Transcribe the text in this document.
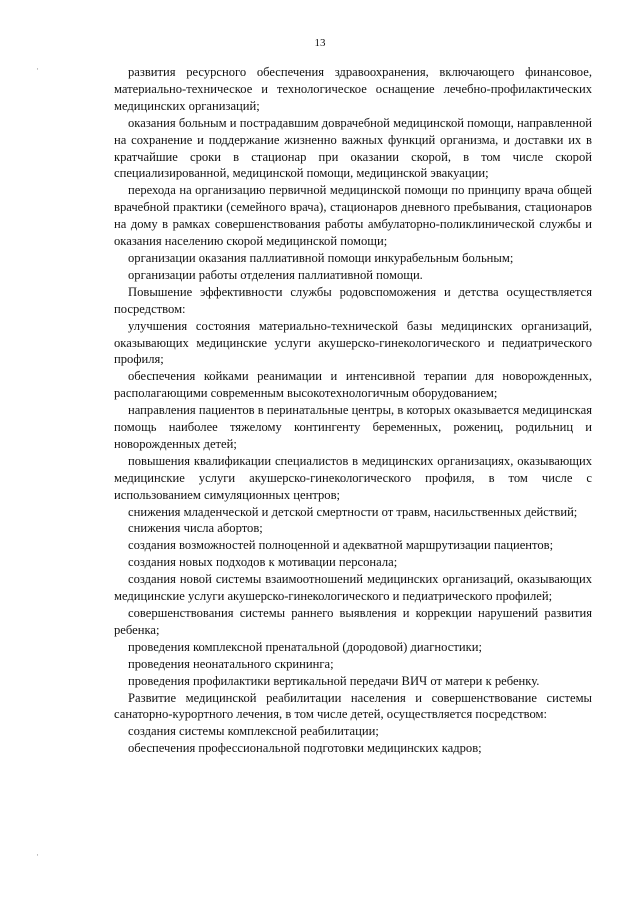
13
·
·

развития ресурсного обеспечения здравоохранения, включающего финансовое, материально-техническое и технологическое оснащение лечебно-профилактических медицинских организаций;

оказания больным и пострадавшим доврачебной медицинской помощи, направленной на сохранение и поддержание жизненно важных функций организма, и доставки их в кратчайшие сроки в стационар при оказании скорой, в том числе скорой специализированной, медицинской помощи, медицинской эвакуации;

перехода на организацию первичной медицинской помощи по принципу врача общей врачебной практики (семейного врача), стационаров дневного пребывания, стационаров на дому в рамках совершенствования работы амбулаторно-поликлинической службы и оказания населению скорой медицинской помощи;

организации оказания паллиативной помощи инкурабельным больным;

организации работы отделения паллиативной помощи.

Повышение эффективности службы родовспоможения и детства осуществляется посредством:

улучшения состояния материально-технической базы медицинских организаций, оказывающих медицинские услуги акушерско-гинекологического и педиатрического профиля;

обеспечения койками реанимации и интенсивной терапии для новорожденных, располагающими современным высокотехнологичным оборудованием;

направления пациентов в перинатальные центры, в которых оказывается медицинская помощь наиболее тяжелому контингенту беременных, рожениц, родильниц и новорожденных детей;

повышения квалификации специалистов в медицинских организациях, оказывающих медицинские услуги акушерско-гинекологического профиля, в том числе с использованием симуляционных центров;

снижения младенческой и детской смертности от травм, насильственных действий;

снижения числа абортов;

создания возможностей полноценной и адекватной маршрутизации пациентов;

создания новых подходов к мотивации персонала;

создания новой системы взаимоотношений медицинских организаций, оказывающих медицинские услуги акушерско-гинекологического и педиатрического профилей;

совершенствования системы раннего выявления и коррекции нарушений развития ребенка;

проведения комплексной пренатальной (дородовой) диагностики;

проведения неонатального скрининга;

проведения профилактики вертикальной передачи ВИЧ от матери к ребенку.

Развитие медицинской реабилитации населения и совершенствование системы санаторно-курортного лечения, в том числе детей, осуществляется посредством:

создания системы комплексной реабилитации;

обеспечения профессиональной подготовки медицинских кадров;
